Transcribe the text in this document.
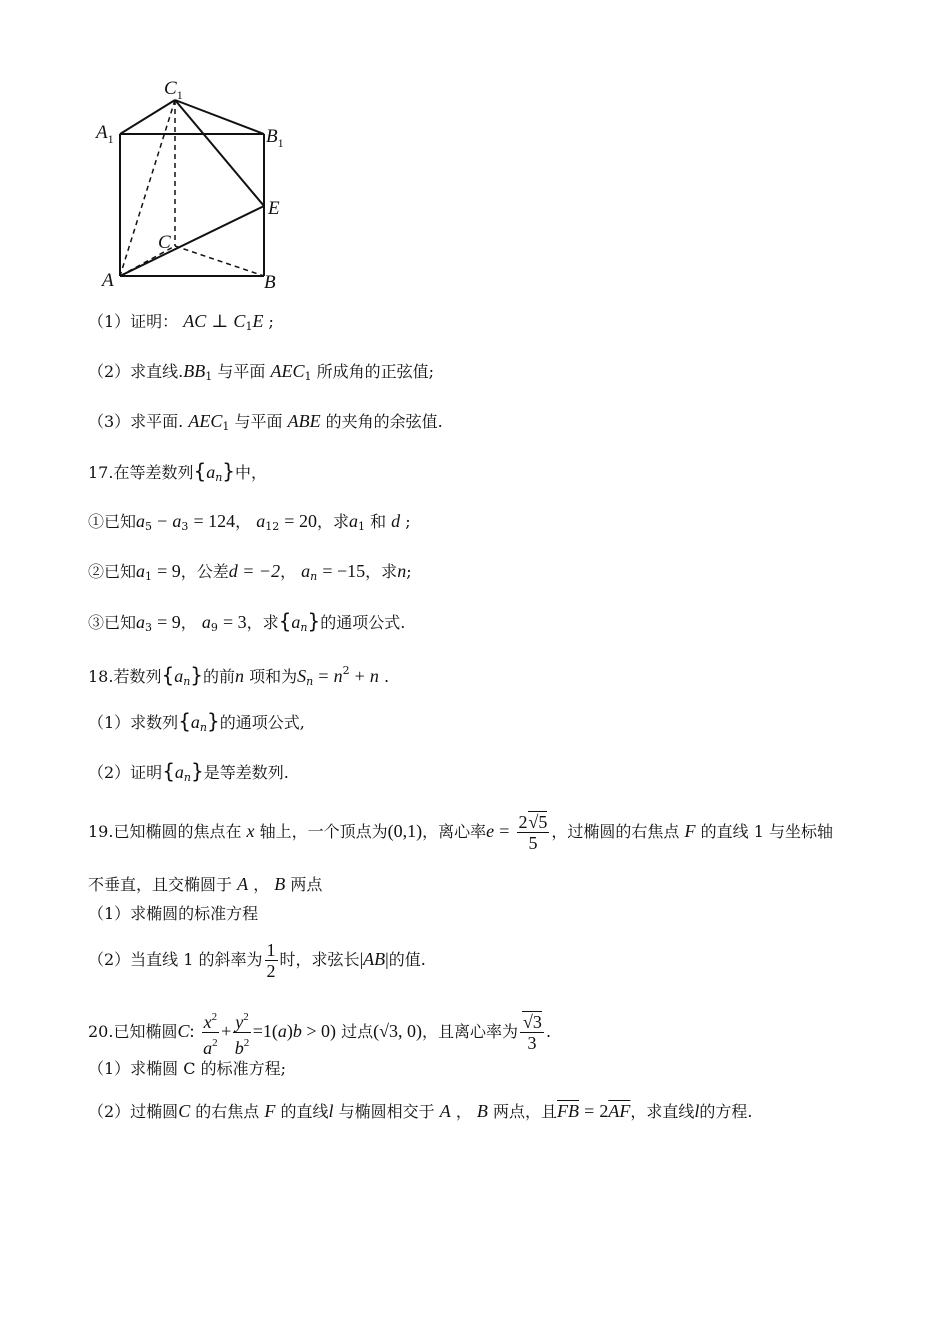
$C_1$
$A_1$	$B_1$
E
C
A	B
（1）证明： AC ⊥ $C_1E$ ;
（2）求直线$.BB_1$ 与平面 $AEC_1$ 所成角的正弦值;
（3）求平面. $AEC_1$ 与平面 ABE 的夹角的余弦值.
17.在等差数列$\{a_n\}$中，
①已知$a_5 - a_3 = 124$， $a_{12} = 20$，求$a_1$ 和 d ;
②已知$a_1 = 9$，公差d = −2， $a_n = -15$，求n;
③已知$a_3 = 9$， $a_9 = 3$，求$\{a_n\}$的通项公式.
18.若数列$\{a_n\}$的前n 项和为$S_n = n^2 + n$ .
（1）求数列$\{a_n\}$的通项公式,
（2）证明$\{a_n\}$是等差数列.
19.已知椭圆的焦点在 x 轴上，一个顶点为(0,1)，离心率$e = \frac{2√5}{5}$ ，过椭圆的右焦点 F 的直线 1 与坐标轴
不垂直，且交椭圆于 A ， B 两点
（1）求椭圆的标准方程
（2）当直线 1 的斜率为 $\frac{1}{2}$ 时，求弦长|AB|的值.
20.已知椭圆C: $\frac{x^2}{a^2} + \frac{y^2}{b^2} =1(a)b > 0$) 过点(√3, 0)，且离心率为 $\frac{√3}{3}$ .
（1）求椭圆 C 的标准方程;
（2）过椭圆C 的右焦点 F 的直线l 与椭圆相交于 A ， B 两点，且$\overline{FB} = 2\overline{AF}$，求直线l的方程.
